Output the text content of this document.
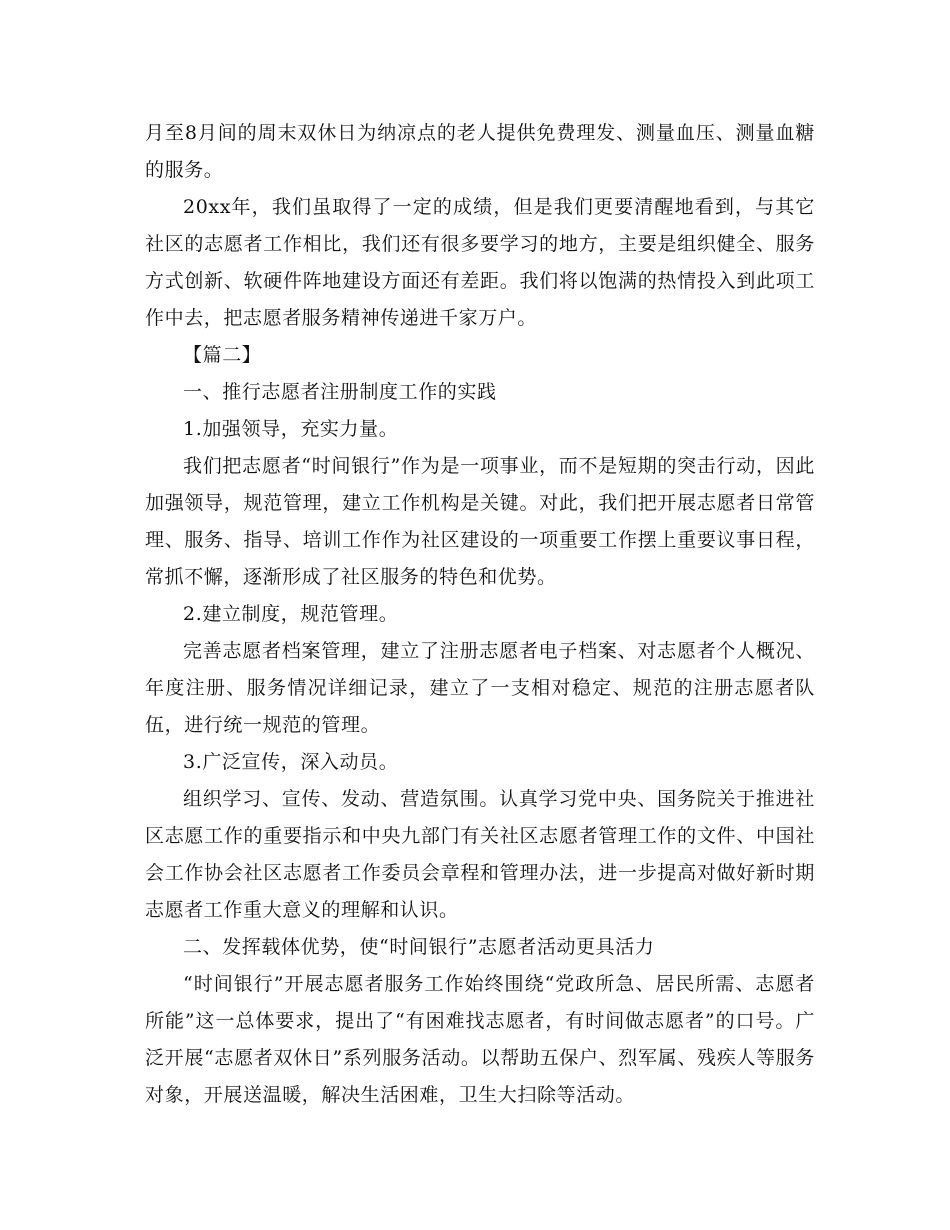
月至8月间的周末双休日为纳凉点的老人提供免费理发、测量血压、测量血糖的服务。

20xx年，我们虽取得了一定的成绩，但是我们更要清醒地看到，与其它社区的志愿者工作相比，我们还有很多要学习的地方，主要是组织健全、服务方式创新、软硬件阵地建设方面还有差距。我们将以饱满的热情投入到此项工作中去，把志愿者服务精神传递进千家万户。

【篇二】

一、推行志愿者注册制度工作的实践

1.加强领导，充实力量。

我们把志愿者“时间银行”作为是一项事业，而不是短期的突击行动，因此加强领导，规范管理，建立工作机构是关键。对此，我们把开展志愿者日常管理、服务、指导、培训工作作为社区建设的一项重要工作摆上重要议事日程，常抓不懈，逐渐形成了社区服务的特色和优势。

2.建立制度，规范管理。

完善志愿者档案管理，建立了注册志愿者电子档案、对志愿者个人概况、年度注册、服务情况详细记录，建立了一支相对稳定、规范的注册志愿者队伍，进行统一规范的管理。

3.广泛宣传，深入动员。

组织学习、宣传、发动、营造氛围。认真学习党中央、国务院关于推进社区志愿工作的重要指示和中央九部门有关社区志愿者管理工作的文件、中国社会工作协会社区志愿者工作委员会章程和管理办法，进一步提高对做好新时期志愿者工作重大意义的理解和认识。

二、发挥载体优势，使“时间银行”志愿者活动更具活力

“时间银行”开展志愿者服务工作始终围绕“党政所急、居民所需、志愿者所能”这一总体要求，提出了“有困难找志愿者，有时间做志愿者”的口号。广泛开展“志愿者双休日”系列服务活动。以帮助五保户、烈军属、残疾人等服务对象，开展送温暖，解决生活困难，卫生大扫除等活动。
